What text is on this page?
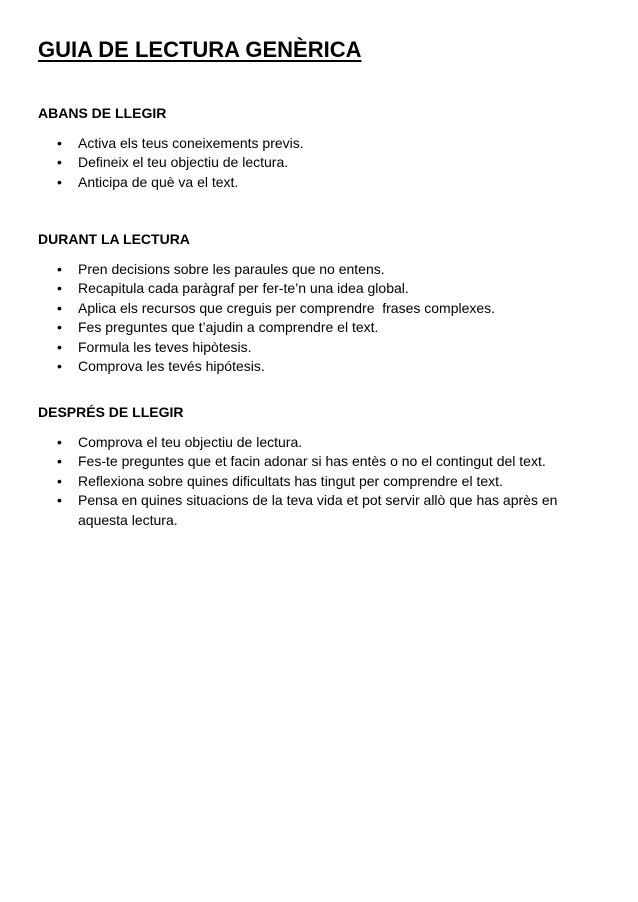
GUIA DE LECTURA GENÈRICA
ABANS DE LLEGIR
• Activa els teus coneixements previs.
• Defineix el teu objectiu de lectura.
• Anticipa de què va el text.
DURANT LA LECTURA
• Pren decisions sobre les paraules que no entens.
• Recapitula cada paràgraf per fer-te’n una idea global.
• Aplica els recursos que creguis per comprendre  frases complexes.
• Fes preguntes que t’ajudin a comprendre el text.
• Formula les teves hipòtesis.
• Comprova les tevés hipótesis.
DESPRÉS DE LLEGIR
• Comprova el teu objectiu de lectura.
• Fes-te preguntes que et facin adonar si has entès o no el contingut del text.
• Reflexiona sobre quines dificultats has tingut per comprendre el text.
• Pensa en quines situacions de la teva vida et pot servir allò que has après en aquesta lectura.
